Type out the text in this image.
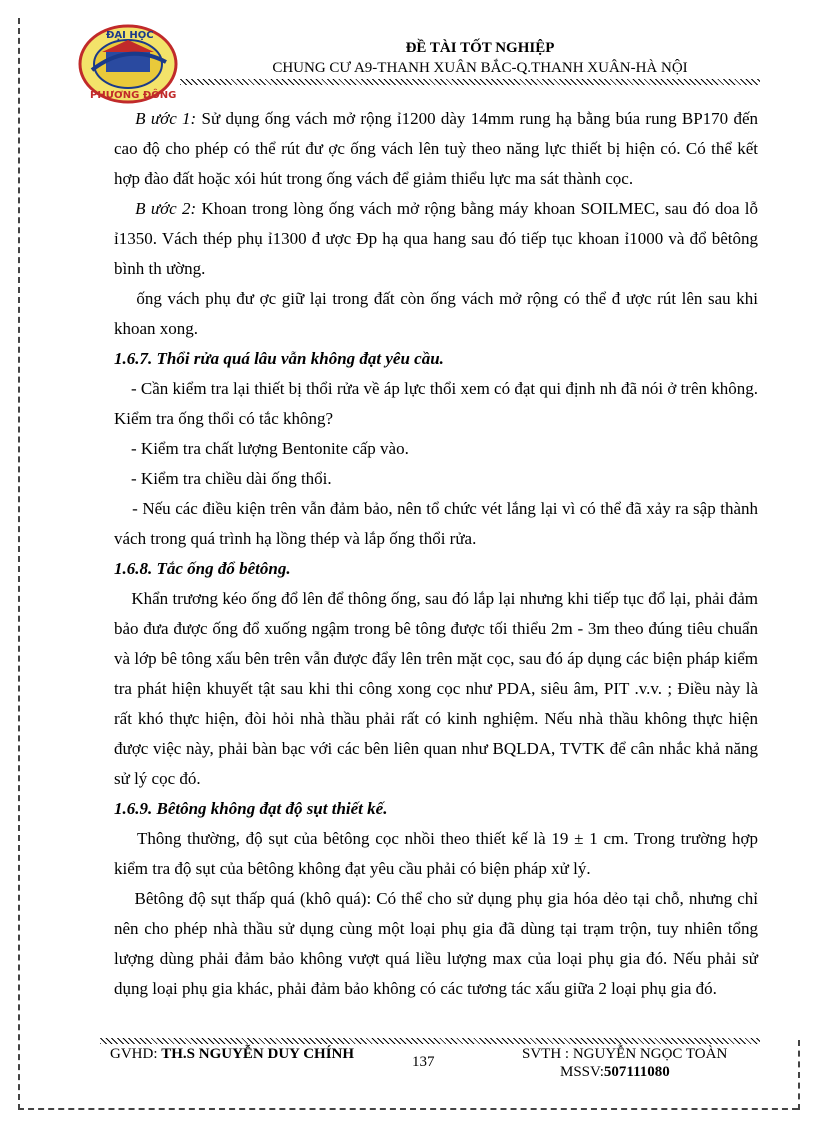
ĐẠI HỌC
PHƯƠNG ĐÔNG
ĐỀ TÀI TỐT NGHIỆP
CHUNG CƯ A9-THANH XUÂN BẮC-Q.THANH XUÂN-HÀ NỘI

B ước 1: Sử dụng ống vách mở rộng ỉ1200 dày 14mm rung hạ bằng búa rung BP170 đến cao độ cho phép có thể rút đư ợc ống vách lên tuỳ theo năng lực thiết bị hiện có. Có thể kết hợp đào đất hoặc xói hút trong ống vách để giảm thiểu lực ma sát thành cọc.

B ước 2: Khoan trong lòng ống vách mở rộng bằng máy khoan SOILMEC, sau đó doa lỗ ỉ1350. Vách thép phụ ỉ1300 đ ược Đp hạ qua hang sau đó tiếp tục khoan ỉ1000 và đổ bêtông bình th ường.

ống vách phụ đư ợc giữ lại trong đất còn ống vách mở rộng có thể đ ược rút lên sau khi khoan xong.

1.6.7. Thổi rửa quá lâu vẫn không đạt yêu cầu.

- Cần kiểm tra lại thiết bị thổi rửa về áp lực thổi xem có đạt qui định nh đã nói ở trên không. Kiểm tra ống thổi có tắc không?

- Kiểm tra chất lượng Bentonite cấp vào.

- Kiểm tra chiều dài ống thổi.

- Nếu các điều kiện trên vẫn đảm bảo, nên tổ chức vét lắng lại vì có thể đã xảy ra sập thành vách trong quá trình hạ lồng thép và lắp ống thổi rửa.

1.6.8. Tắc ống đổ bêtông.

Khẩn trương kéo ống đổ lên để thông ống, sau đó lắp lại nhưng khi tiếp tục đổ lại, phải đảm bảo đưa được ống đổ xuống ngậm trong bê tông được tối thiểu 2m - 3m theo đúng tiêu chuẩn và lớp bê tông xấu bên trên vẫn được đẩy lên trên mặt cọc, sau đó áp dụng các biện pháp kiểm tra phát hiện khuyết tật sau khi thi công xong cọc như PDA, siêu âm, PIT .v.v. ; Điều này là rất khó thực hiện, đòi hỏi nhà thầu phải rất có kinh nghiệm. Nếu nhà thầu không thực hiện được việc này, phải bàn bạc với các bên liên quan như BQLDA, TVTK để cân nhắc khả năng sử lý cọc đó.

1.6.9. Bêtông không đạt độ sụt thiết kế.

Thông thường, độ sụt của bêtông cọc nhồi theo thiết kế là 19 ± 1 cm. Trong trường hợp kiểm tra độ sụt của bêtông không đạt yêu cầu phải có biện pháp xử lý.

Bêtông độ sụt thấp quá (khô quá): Có thể cho sử dụng phụ gia hóa dẻo tại chỗ, nhưng chỉ nên cho phép nhà thầu sử dụng cùng một loại phụ gia đã dùng tại trạm trộn, tuy nhiên tổng lượng dùng phải đảm bảo không vượt quá liều lượng max của loại phụ gia đó. Nếu phải sử dụng loại phụ gia khác, phải đảm bảo không có các tương tác xấu giữa 2 loại phụ gia đó.

GVHD: TH.S NGUYỄN DUY CHÍNH	137	SVTH : NGUYỄN NGỌC TOÀN
MSSV:507111080
